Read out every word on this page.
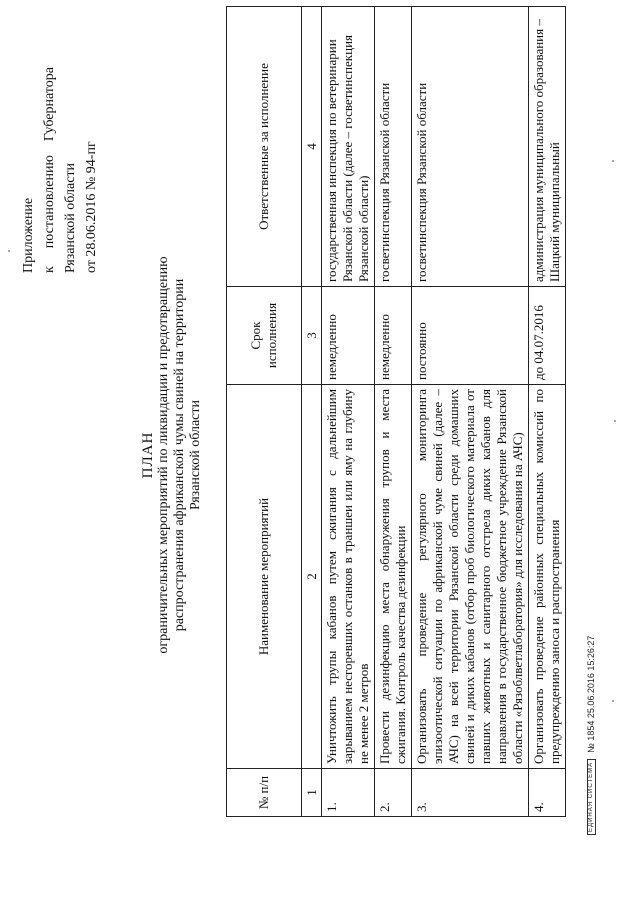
Приложение кпостановлениюГубернатора
Рязанской области от 28.06.2016 № 94-пг
ПЛАН ограничительных мероприятий по ликвидации и предотвращению распространения африканской чумы свиней на территории Рязанской области
№ п/п	Наименование мероприятий	Срок исполнения	Ответственные за исполнение
1	2	3	4
1.	Уничтожить трупы кабанов путем сжигания с дальнейшим зарыванием несгоревших останков в траншеи или яму на глубину не менее 2 метров	немедленно	государственная инспекция по ветеринарии Рязанской области (далее – госветинспекция Рязанской области)
2.	Провести дезинфекцию места обнаружения трупов и места сжигания. Контроль качества дезинфекции	немедленно	госветинспекция Рязанской области
3.	Организовать проведение регулярного мониторинга эпизоотической ситуации по африканской чуме свиней (далее – АЧС) на всей территории Рязанской области среди домашних свиней и диких кабанов (отбор проб биологического материала от павших животных и санитарного отстрела диких кабанов для направления в государственное бюджетное учреждение Рязанской области «Рязоблветлаборатория» для исследования на АЧС)	постоянно	госветинспекция Рязанской области
4.	Организовать проведение районных специальных комиссий по предупреждению заноса и распространения	до 04.07.2016	администрация муниципального образования – Шацкий муниципальный
ЕДИНАЯ СИСТЕМА№ 1854 25.06.2016 15:26:27
